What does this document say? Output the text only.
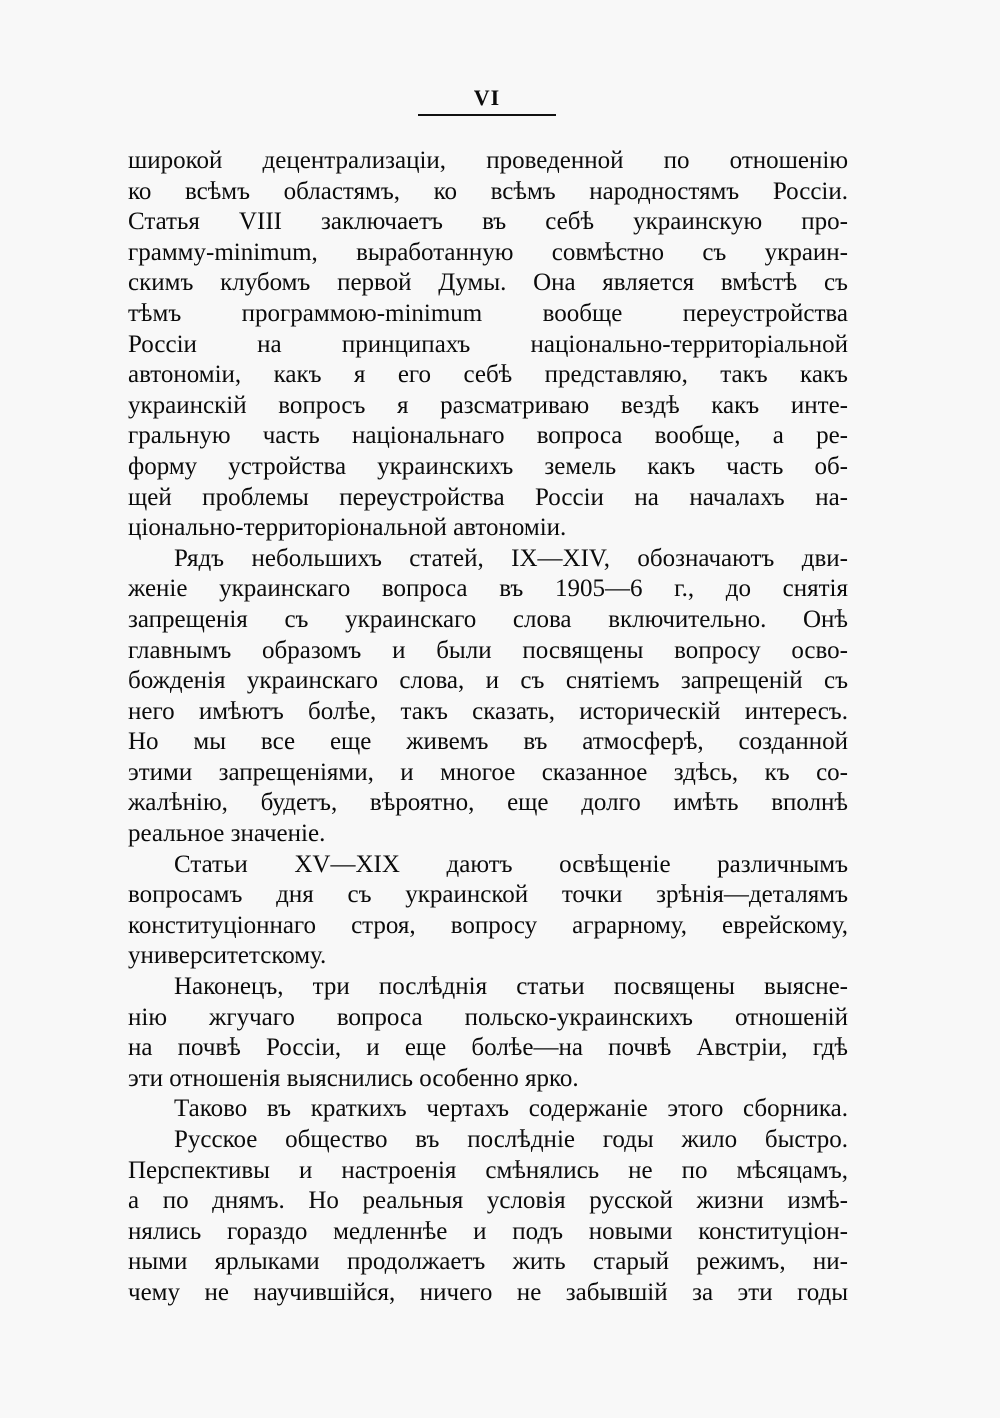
VI
широкой децентрализаціи, проведенной по отношенію
ко всѣмъ областямъ, ко всѣмъ народностямъ Россіи.
Статья VIII заключаетъ въ себѣ украинскую про-
грамму-minimum, выработанную совмѣстно съ украин-
скимъ клубомъ первой Думы. Она является вмѣстѣ съ
тѣмъ программою-minimum вообще переустройства
Россіи на принципахъ національно-территоріальной
автономіи, какъ я его себѣ представляю, такъ какъ
украинскій вопросъ я разсматриваю вездѣ какъ инте-
гральную часть національнаго вопроса вообще, а ре-
форму устройства украинскихъ земель какъ часть об-
щей проблемы переустройства Россіи на началахъ на-
ціонально-территоріональной автономіи.
Рядъ небольшихъ статей, IX—XIV, обозначаютъ дви-
женіе украинскаго вопроса въ 1905—6 г., до снятія
запрещенія съ украинскаго слова включительно. Онѣ
главнымъ образомъ и были посвящены вопросу осво-
божденія украинскаго слова, и съ снятіемъ запрещеній съ
него имѣютъ болѣе, такъ сказать, историческій интересъ.
Но мы все еще живемъ въ атмосферѣ, созданной
этими запрещеніями, и многое сказанное здѣсь, къ со-
жалѣнію, будетъ, вѣроятно, еще долго имѣть вполнѣ
реальное значеніе.
Статьи XV—XIX даютъ освѣщеніе различнымъ
вопросамъ дня съ украинской точки зрѣнія—деталямъ
конституціоннаго строя, вопросу аграрному, еврейскому,
университетскому.
Наконецъ, три послѣднія статьи посвящены выясне-
нію жгучаго вопроса польско-украинскихъ отношеній
на почвѣ Россіи, и еще болѣе—на почвѣ Австріи, гдѣ
эти отношенія выяснились особенно ярко.
Таково въ краткихъ чертахъ содержаніе этого сборника.
Русское общество въ послѣдніе годы жило быстро.
Перспективы и настроенія смѣнялись не по мѣсяцамъ,
а по днямъ. Но реальныя условія русской жизни измѣ-
нялись гораздо медленнѣе и подъ новыми конституціон-
ными ярлыками продолжаетъ жить старый режимъ, ни-
чему не научившійся, ничего не забывшій за эти годы
